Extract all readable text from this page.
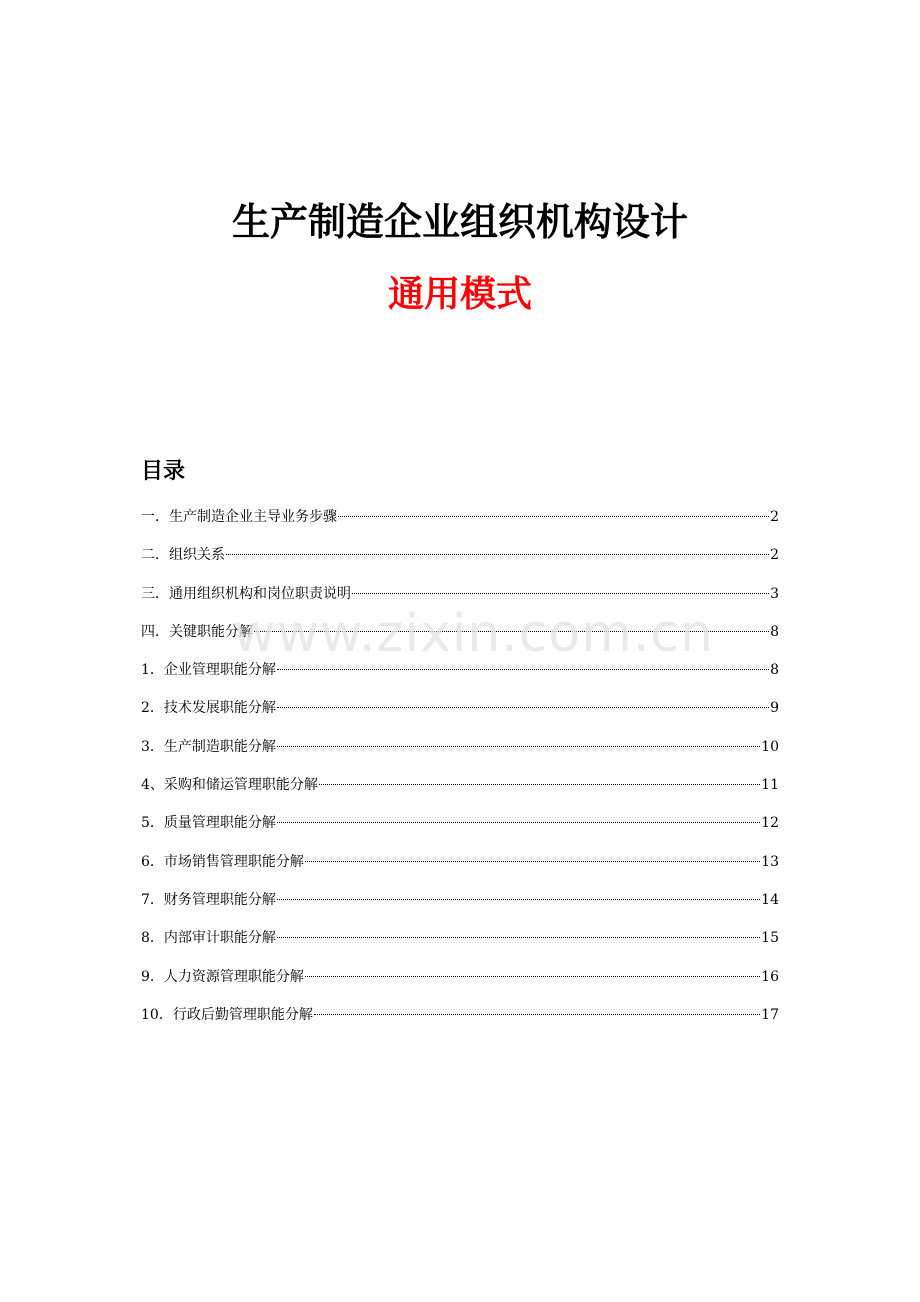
生产制造企业组织机构设计
通用模式
目录
一．生产制造企业主导业务步骤	2
二．组织关系	2
三．通用组织机构和岗位职责说明	3
四．关键职能分解	8
1．企业管理职能分解	8
2．技术发展职能分解	9
3．生产制造职能分解	10
4、采购和储运管理职能分解	11
5．质量管理职能分解	12
6．市场销售管理职能分解	13
7．财务管理职能分解	14
8．内部审计职能分解	15
9．人力资源管理职能分解	16
10．行政后勤管理职能分解	17
www.zixin.com.cn
